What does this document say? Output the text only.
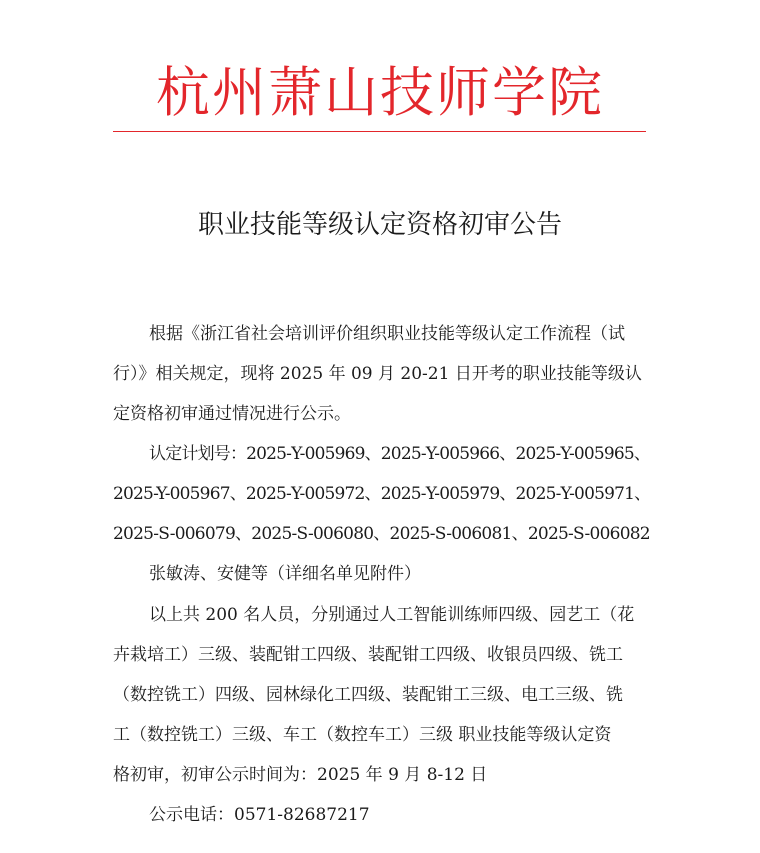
杭州萧山技师学院
职业技能等级认定资格初审公告
根据《浙江省社会培训评价组织职业技能等级认定工作流程（试
行）》相关规定，现将 2025 年 09 月 20-21 日开考的职业技能等级认
定资格初审通过情况进行公示。
认定计划号：2025-Y-005969、2025-Y-005966、2025-Y-005965、
2025-Y-005967、2025-Y-005972、2025-Y-005979、2025-Y-005971、
2025-S-006079、2025-S-006080、2025-S-006081、2025-S-006082
张敏涛、安健等（详细名单见附件）
以上共 200 名人员，分别通过人工智能训练师四级、园艺工（花
卉栽培工）三级、装配钳工四级、装配钳工四级、收银员四级、铣工
（数控铣工）四级、园林绿化工四级、装配钳工三级、电工三级、铣
工（数控铣工）三级、车工（数控车工）三级 职业技能等级认定资
格初审，初审公示时间为：2025 年 9 月 8-12 日
公示电话：0571-82687217
